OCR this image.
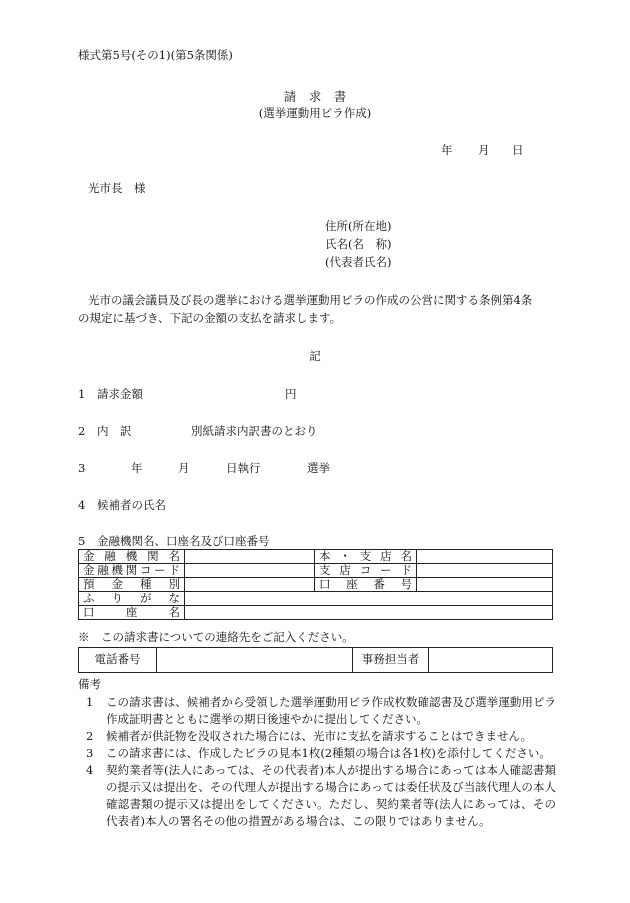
様式第5号(その1)(第5条関係)
請　求　書
(選挙運動用ビラ作成)
年 月 日
光市長　様
住所(所在地)
氏名(名　称)
(代表者氏名)
光市の議会議員及び長の選挙における選挙運動用ビラの作成の公営に関する条例第4条
の規定に基づき、下記の金額の支払を請求します。
記
1 請求金額	円
2 内　訳	別紙請求内訳書のとおり
3	年	月	日執行	選挙
4 候補者の氏名
5 金融機関名、口座名及び口座番号
金融機関名		本・支店名	
金融機関コード		支店コード	
預金種別		口座番号	
ふりがな			
口座名			
※　この請求書についての連絡先をご記入ください。
電話番号		事務担当者	
備考
1	この請求書は、候補者から受領した選挙運動用ビラ作成枚数確認書及び選挙運動用ビラ作成証明書とともに選挙の期日後速やかに提出してください。
2	候補者が供託物を没収された場合には、光市に支払を請求することはできません。
3	この請求書には、作成したビラの見本1枚(2種類の場合は各1枚)を添付してください。
4	契約業者等(法人にあっては、その代表者)本人が提出する場合にあっては本人確認書類の提示又は提出を、その代理人が提出する場合にあっては委任状及び当該代理人の本人確認書類の提示又は提出をしてください。ただし、契約業者等(法人にあっては、その代表者)本人の署名その他の措置がある場合は、この限りではありません。
